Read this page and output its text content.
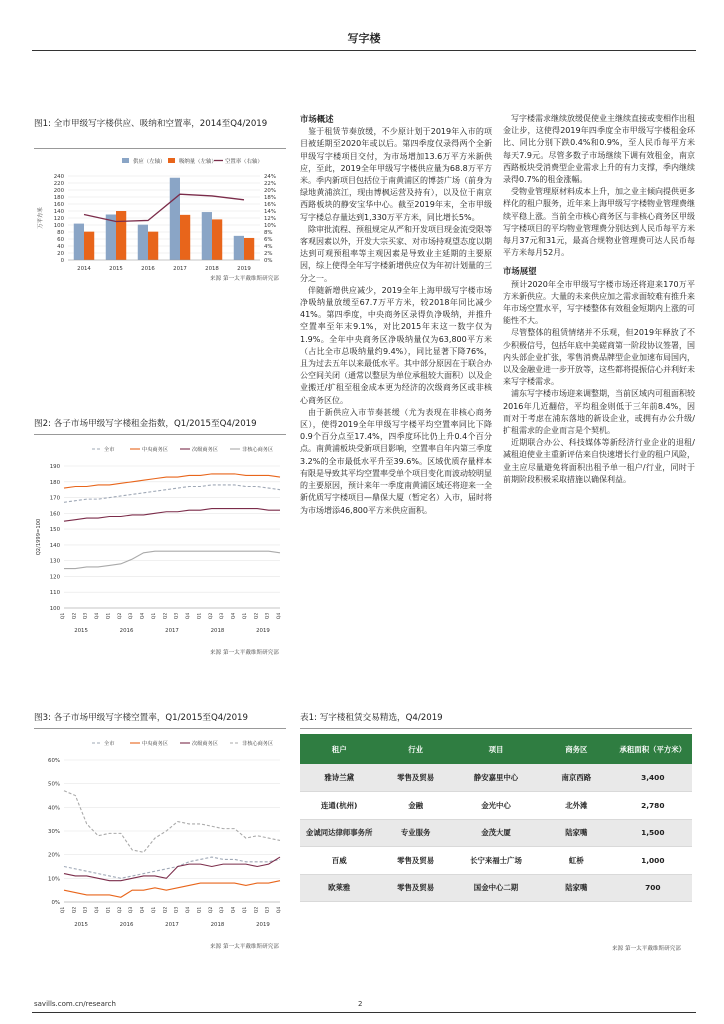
写字楼
图1: 全市甲级写字楼供应、吸纳和空置率，2014至Q4/2019
0
20
40
60
80
100
120
140
160
180
200
220
240
0%
2%
4%
6%
8%
10%
12%
14%
16%
18%
20%
22%
24%
万平方米
2014	2015	2016	2017	2018	2019
供应（左轴）	吸纳量（左轴） 空置率（右轴）
来源 第一太平戴维斯研究部
图2: 各子市场甲级写字楼租金指数，Q1/2015至Q4/2019
100
110
120
130
140
150
160
170
180
190
Q2/1999=100
Q1 Q2 Q3 Q4 Q1 Q2 Q3 Q4 Q1 Q2 Q3 Q4 Q1 Q2 Q3 Q4 Q1 Q2 Q3 Q4
2015	2016	2017	2018	2019
全市	中央商务区	次级商务区	非核心商务区
来源 第一太平戴维斯研究部
图3: 各子市场甲级写字楼空置率，Q1/2015至Q4/2019
0%
10%
20%
30%
40%
50%
60%
Q1 Q2 Q3 Q4 Q1 Q2 Q3 Q4 Q1 Q2 Q3 Q4 Q1 Q2 Q3 Q4 Q1 Q2 Q3 Q4
2015	2016	2017	2018	2019
全市	中央商务区	次级商务区	非核心商务区
来源 第一太平戴维斯研究部
市场概述

鉴于租赁节奏放缓，不少原计划于2019年入市的项目被延期至2020年或以后。第四季度仅录得两个全新甲级写字楼项目交付，为市场增加13.6万平方米新供应，至此，2019全年甲级写字楼供应量为68.8万平方米。季内新项目包括位于南黄浦区的博荟广场（前身为绿地黄浦滨江，现由博枫运营及持有），以及位于南京西路板块的静安宝华中心。截至2019年末，全市甲级写字楼总存量达到1,330万平方米，同比增长5%。

除审批流程、预租规定从严和开发项目现金流受限等客观因素以外，开发大宗买家、对市场持观望态度以期达到可观预租率等主观因素是导致业主延期的主要原因，综上使得全年写字楼新增供应仅为年初计划量的三分之一。

伴随新增供应减少，2019全年上海甲级写字楼市场净吸纳量放缓至67.7万平方米，较2018年同比减少41%。第四季度，中央商务区录得负净吸纳，并推升空置率至年末9.1%，对比2015年末这一数字仅为1.9%。全年中央商务区净吸纳量仅为63,800平方米（占比全市总吸纳量约9.4%），同比显著下降76%，且为过去五年以来最低水平。其中部分原因在于联合办公空间关闭（通常以整层为单位承租较大面积）以及企业搬迁/扩租至租金成本更为经济的次级商务区或非核心商务区位。

由于新供应入市节奏甚缓（尤为表现在非核心商务区），使得2019全年甲级写字楼平均空置率同比下降0.9个百分点至17.4%，四季度环比仍上升0.4个百分点。南黄浦板块受新项目影响，空置率自年内第三季度3.2%的全市最低水平升至39.6%。区域优质存量样本有限是导致其平均空置率受单个项目变化而波动较明显的主要原因，预计来年一季度南黄浦区域还将迎来一全新优质写字楼项目—鼎保大厦（暂定名）入市，届时将为市场增添46,800平方米供应面积。

写字楼需求继续放缓促使业主继续直接或变相作出租金让步，这使得2019年四季度全市甲级写字楼租金环比、同比分别下跌0.4%和0.9%，至人民币每平方米每天7.9元。尽管多数子市场继续下调有效租金，南京西路板块受消费型企业需求上升的有力支撑，季内继续录得0.7%的租金涨幅。

受物业管理原材料成本上升，加之业主倾向提供更多样化的租户服务，近年来上海甲级写字楼物业管理费继续平稳上涨。当前全市核心商务区与非核心商务区甲级写字楼项目的平均物业管理费分别达到人民币每平方米每月37元和31元，最高合规物业管理费可达人民币每平方米每月52月。

市场展望

预计2020年全市甲级写字楼市场还将迎来170万平方米新供应。大量的未来供应加之需求面较难有推升来年市场空置水平，写字楼整体有效租金短期内上涨的可能性不大。

尽管整体的租赁情绪并不乐观，但2019年释放了不少积极信号，包括年底中美磋商第一阶段协议签署，国内头部企业扩张，零售消费品牌型企业加速布局国内，以及金融业进一步开放等，这些都将提振信心并利好未来写字楼需求。

浦东写字楼市场迎来调整期，当前区域内可租面积较2016年几近翻倍，平均租金则低于三年前8.4%，因而对于考虑在浦东落地的新设企业，或拥有办公升级/扩租需求的企业而言是个契机。

近期联合办公、科技媒体等新经济行业企业的退租/减租迫使业主重新评估来自快速增长行业的租户风险，业主应尽量避免将面积出租予单一租户/行业，同时于前期阶段积极采取措施以确保利益。

表1: 写字楼租赁交易精选，Q4/2019
租户	行业	项目	商务区	承租面积（平方米）
雅诗兰黛	零售及贸易	静安嘉里中心	南京西路	3,400
连通(杭州)	金融	金光中心	北外滩	2,780
金诚同达律师事务所	专业服务	金茂大厦	陆家嘴	1,500
百威	零售及贸易	长宁来福士广场	虹桥	1,000
欧莱雅	零售及贸易	国金中心二期	陆家嘴	700
来源 第一太平戴维斯研究部
savills.com.cn/research	2
